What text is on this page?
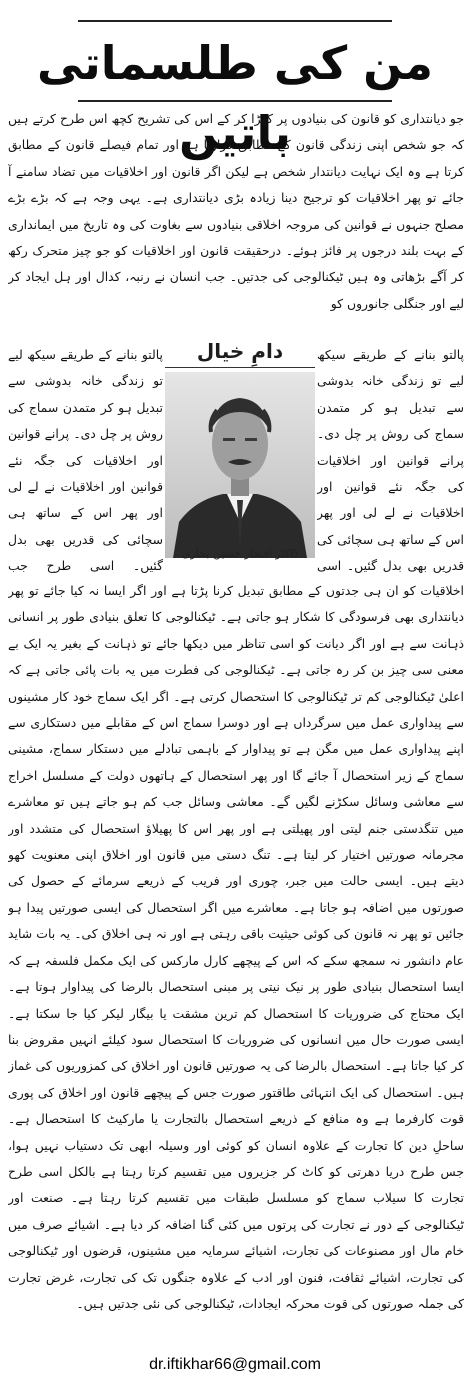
من کی طلسماتی باتیں

جو دیانتداری کو قانون کی بنیادوں پر کھڑا کر کے اس کی تشریح کچھ اس طرح کرتے ہیں کہ جو شخص اپنی زندگی قانون کے مطابق گزارتا ہے اور تمام فیصلے قانون کے مطابق کرتا ہے وہ ایک نہایت دیانتدار شخص ہے لیکن اگر قانون اور اخلاقیات میں تضاد سامنے آ جائے تو پھر اخلاقیات کو ترجیح دینا زیادہ بڑی دیانتداری ہے۔ یہی وجہ ہے کہ بڑے بڑے مصلح جنہوں نے قوانین کی مروجہ اخلاقی بنیادوں سے بغاوت کی وہ تاریخ میں ایمانداری کے بہت بلند درجوں پر فائز ہوئے۔ درحقیقت قانون اور اخلاقیات کو جو چیز متحرک رکھ کر آگے بڑھاتی وہ ہیں ٹیکنالوجی کی جدتیں۔ جب انسان نے رنبہ، کدال اور ہل ایجاد کر لیے اور جنگلی جانوروں کو

پالتو بنانے کے طریقے سیکھ لیے تو زندگی خانہ بدوشی سے تبدیل ہو کر متمدن سماج کی روش پر چل دی۔ پرانے قوانین اور اخلاقیات کی جگہ نئے قوانین اور اخلاقیات نے لے لی اور پھر اس کے ساتھ ہی سچائی کی قدریں بھی بدل گئیں۔ اسی طرح جب

پالتو بنانے کے طریقے سیکھ لیے تو زندگی خانہ بدوشی سے تبدیل ہو کر متمدن سماج کی روش پر چل دی۔ پرانے قوانین اور اخلاقیات کی جگہ نئے قوانین اور اخلاقیات نے لے لی اور پھر اس کے ساتھ ہی سچائی کی قدریں بھی بدل گئیں۔ اسی

دامِ خیال
ڈاکٹر افتخار حسین بخاری

اخلاقیات کو ان ہی جدتوں کے مطابق تبدیل کرنا پڑتا ہے اور اگر ایسا نہ کیا جائے تو پھر دیانتداری بھی فرسودگی کا شکار ہو جاتی ہے۔ ٹیکنالوجی کا تعلق بنیادی طور پر انسانی ذہانت سے ہے اور اگر دیانت کو اسی تناظر میں دیکھا جائے تو ذہانت کے بغیر یہ ایک بے معنی سی چیز بن کر رہ جاتی ہے۔ ٹیکنالوجی کی فطرت میں یہ بات پائی جاتی ہے کہ اعلیٰ ٹیکنالوجی کم تر ٹیکنالوجی کا استحصال کرتی ہے۔ اگر ایک سماج خود کار مشینوں سے پیداواری عمل میں سرگرداں ہے اور دوسرا سماج اس کے مقابلے میں دستکاری سے اپنے پیداواری عمل میں مگن ہے تو پیداوار کے باہمی تبادلے میں دستکار سماج، مشینی سماج کے زیر استحصال آ جائے گا اور پھر استحصال کے ہاتھوں دولت کے مسلسل اخراج سے معاشی وسائل سکڑنے لگیں گے۔ معاشی وسائل جب کم ہو جاتے ہیں تو معاشرے میں تنگدستی جنم لیتی اور پھیلتی ہے اور پھر اس کا پھیلاؤ استحصال کی متشدد اور مجرمانہ صورتیں اختیار کر لیتا ہے۔ تنگ دستی میں قانون اور اخلاق اپنی معنویت کھو دیتے ہیں۔ ایسی حالت میں جبر، چوری اور فریب کے ذریعے سرمائے کے حصول کی صورتوں میں اضافہ ہو جاتا ہے۔ معاشرے میں اگر استحصال کی ایسی صورتیں پیدا ہو جائیں تو پھر نہ قانون کی کوئی حیثیت باقی رہتی ہے اور نہ ہی اخلاق کی۔ یہ بات شاید عام دانشور نہ سمجھ سکے کہ اس کے پیچھے کارل مارکس کی ایک مکمل فلسفہ ہے کہ ایسا استحصال بنیادی طور پر نیک نیتی پر مبنی استحصال بالرضا کی پیداوار ہوتا ہے۔ ایک محتاج کی ضروریات کا استحصال کم ترین مشقت یا بیگار لیکر کیا جا سکتا ہے۔ ایسی صورت حال میں انسانوں کی ضروریات کا استحصال سود کیلئے انہیں مقروض بنا کر کیا جاتا ہے۔ استحصال بالرضا کی یہ صورتیں قانون اور اخلاق کی کمزوریوں کی غماز ہیں۔ استحصال کی ایک انتہائی طاقتور صورت جس کے پیچھے قانون اور اخلاق کی پوری قوت کارفرما ہے وہ منافع کے ذریعے استحصال بالتجارت یا مارکیٹ کا استحصال ہے۔ ساحلِ دین کا تجارت کے علاوہ انسان کو کوئی اور وسیلہ ابھی تک دستیاب نہیں ہوا، جس طرح دریا دھرتی کو کاٹ کر جزیروں میں تقسیم کرتا رہتا ہے بالکل اسی طرح تجارت کا سیلاب سماج کو مسلسل طبقات میں تقسیم کرتا رہتا ہے۔ صنعت اور ٹیکنالوجی کے دور نے تجارت کی پرتوں میں کئی گنا اضافہ کر دیا ہے۔ اشیائے صرف میں خام مال اور مصنوعات کی تجارت، اشیائے سرمایہ میں مشینوں، قرضوں اور ٹیکنالوجی کی تجارت، اشیائے ثقافت، فنون اور ادب کے علاوہ جنگوں تک کی تجارت، غرض تجارت کی جملہ صورتوں کی قوت محرکہ ایجادات، ٹیکنالوجی کی نئی جدتیں ہیں۔

dr.iftikhar66@gmail.com
